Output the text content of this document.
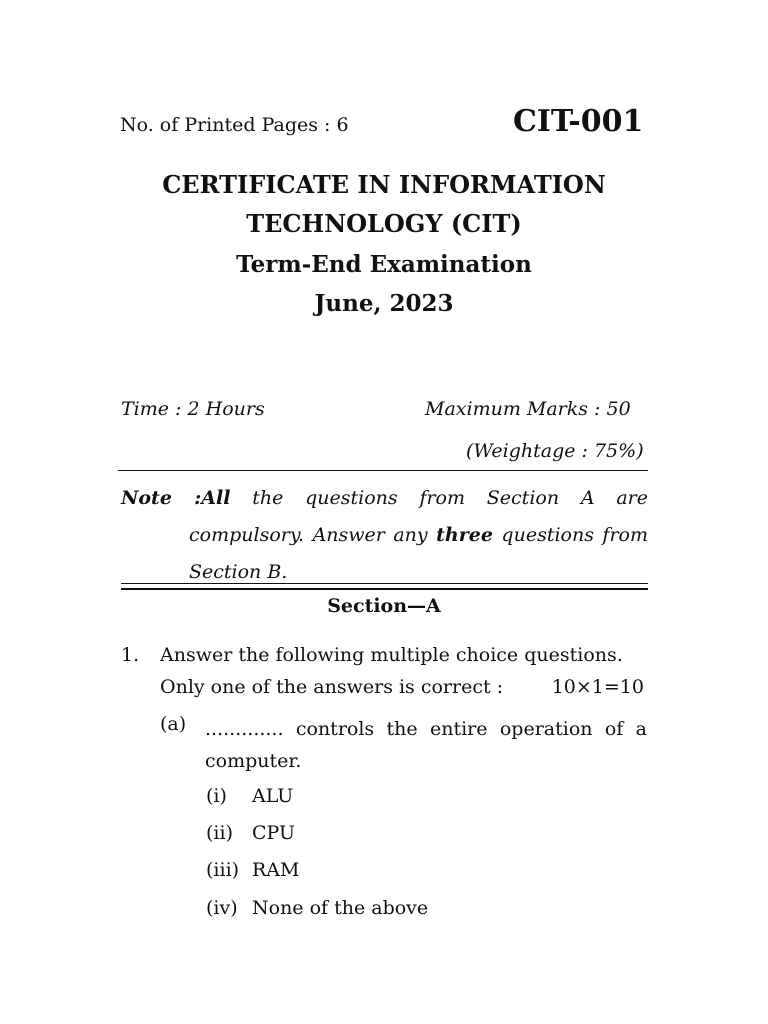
No. of Printed Pages : 6	CIT-001
CERTIFICATE IN INFORMATION
TECHNOLOGY (CIT)
Term-End Examination
June, 2023
Time : 2 Hours	Maximum Marks : 50
(Weightage : 75%)
Note :All the questions from Section A are compulsory. Answer any three questions from Section B.
Section—A
1. Answer the following multiple choice questions.
Only one of the answers is correct :	10×1=10
(a) ............. controls the entire operation of a computer.
(i) ALU
(ii) CPU
(iii) RAM
(iv) None of the above
